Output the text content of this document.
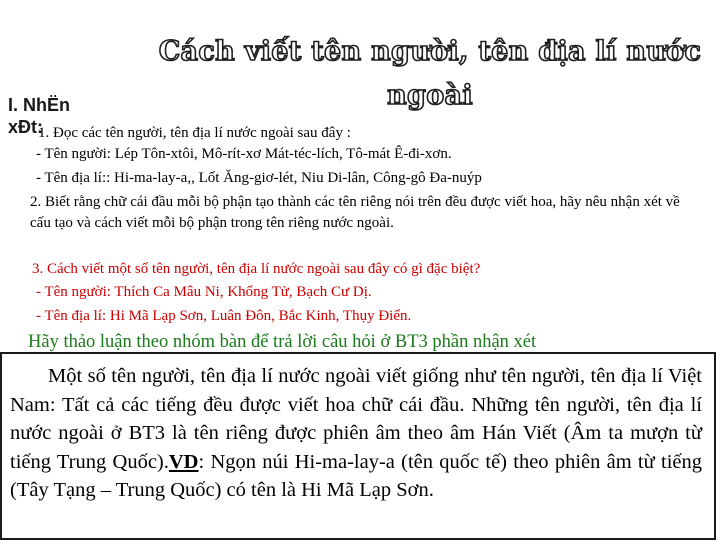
Cách viết tên người, tên địa lí nước ngoài
I. NhËn
xÐt:
1. Đọc các tên người, tên địa lí nước ngoài sau đây :
- Tên người: Lép Tôn-xtôi, Mô-rít-xơ Mát-téc-lích, Tô-mát Ê-đi-xơn.
- Tên địa lí:: Hi-ma-lay-a,, Lốt Ăng-giơ-lét, Niu Di-lân, Công-gô Đa-nuýp
2. Biết rằng chữ cái đầu mỗi bộ phận tạo thành các tên riêng nói trên đều được viết hoa, hãy nêu nhận xét về cấu tạo và cách viết mỗi bộ phận trong tên riêng nước ngoài.
3. Cách viết một số tên người, tên địa lí nước ngoài sau đây có gì đặc biệt?
- Tên người: Thích Ca Mâu Ni, Khổng Tử, Bạch Cư Dị.
- Tên địa lí: Hi Mã Lạp Sơn, Luân Đôn, Bắc Kinh, Thụy Điển.
Hãy thảo luận theo nhóm bàn để trả lời câu hỏi ở BT3 phần nhận xét
Một số tên người, tên địa lí nước ngoài viết giống như tên người, tên địa lí Việt Nam: Tất cả các tiếng đều được viết hoa chữ cái đầu. Những tên người, tên địa lí nước ngoài ở BT3 là tên riêng được phiên âm theo âm Hán Viết (Âm ta mượn từ tiếng Trung Quốc).VD: Ngọn núi Hi-ma-lay-a (tên quốc tế) theo phiên âm từ tiếng (Tây Tạng – Trung Quốc) có tên là Hi Mã Lạp Sơn.
